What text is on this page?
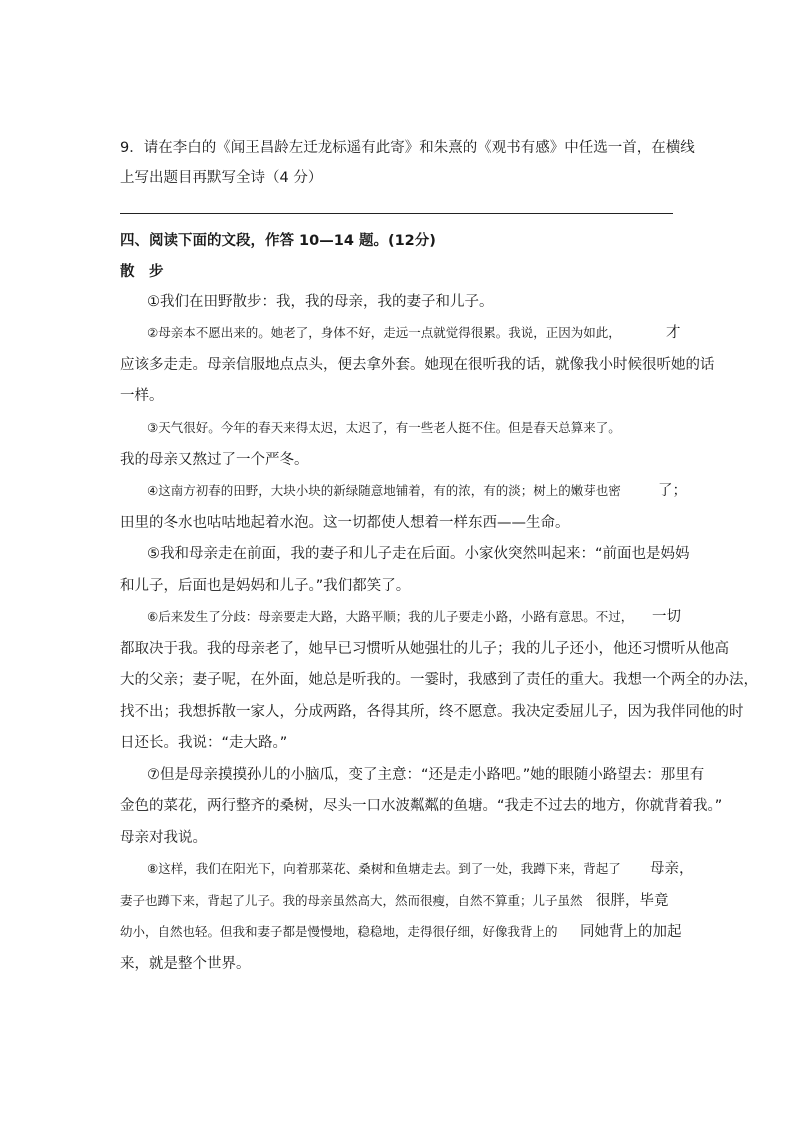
9．请在李白的《闻王昌龄左迁龙标遥有此寄》和朱熹的《观书有感》中任选一首，在横线
上写出题目再默写全诗（4 分）
四、阅读下面的文段，作答 10—14 题。(12分)
散　步
①我们在田野散步：我，我的母亲，我的妻子和儿子。
②母亲本不愿出来的。她老了，身体不好，走远一点就觉得很累。我说，正因为如此，	才
应该多走走。母亲信服地点点头，便去拿外套。她现在很听我的话，就像我小时候很听她的话
一样。
③天气很好。今年的春天来得太迟，太迟了，有一些老人挺不住。但是春天总算来了。
我的母亲又熬过了一个严冬。
④这南方初春的田野，大块小块的新绿随意地铺着，有的浓，有的淡；树上的嫩芽也密	了；
田里的冬水也咕咕地起着水泡。这一切都使人想着一样东西——生命。
⑤我和母亲走在前面，我的妻子和儿子走在后面。小家伙突然叫起来：“前面也是妈妈
和儿子，后面也是妈妈和儿子。”我们都笑了。
⑥后来发生了分歧：母亲要走大路，大路平顺；我的儿子要走小路，小路有意思。不过， 一切
都取决于我。我的母亲老了，她早已习惯听从她强壮的儿子；我的儿子还小，他还习惯听从他高
大的父亲；妻子呢，在外面，她总是听我的。一霎时，我感到了责任的重大。我想一个两全的办法，
找不出；我想拆散一家人，分成两路，各得其所，终不愿意。我决定委屈儿子，因为我伴同他的时
日还长。我说：“走大路。”
⑦但是母亲摸摸孙儿的小脑瓜，变了主意：“还是走小路吧。”她的眼随小路望去：那里有
金色的菜花，两行整齐的桑树，尽头一口水波粼粼的鱼塘。“我走不过去的地方，你就背着我。”
母亲对我说。
⑧这样，我们在阳光下，向着那菜花、桑树和鱼塘走去。到了一处，我蹲下来，背起了 母亲，
妻子也蹲下来，背起了儿子。我的母亲虽然高大，然而很瘦，自然不算重；儿子虽然 很胖，毕竟
幼小，自然也轻。但我和妻子都是慢慢地，稳稳地，走得很仔细，好像我背上的 同她背上的加起
来，就是整个世界。
